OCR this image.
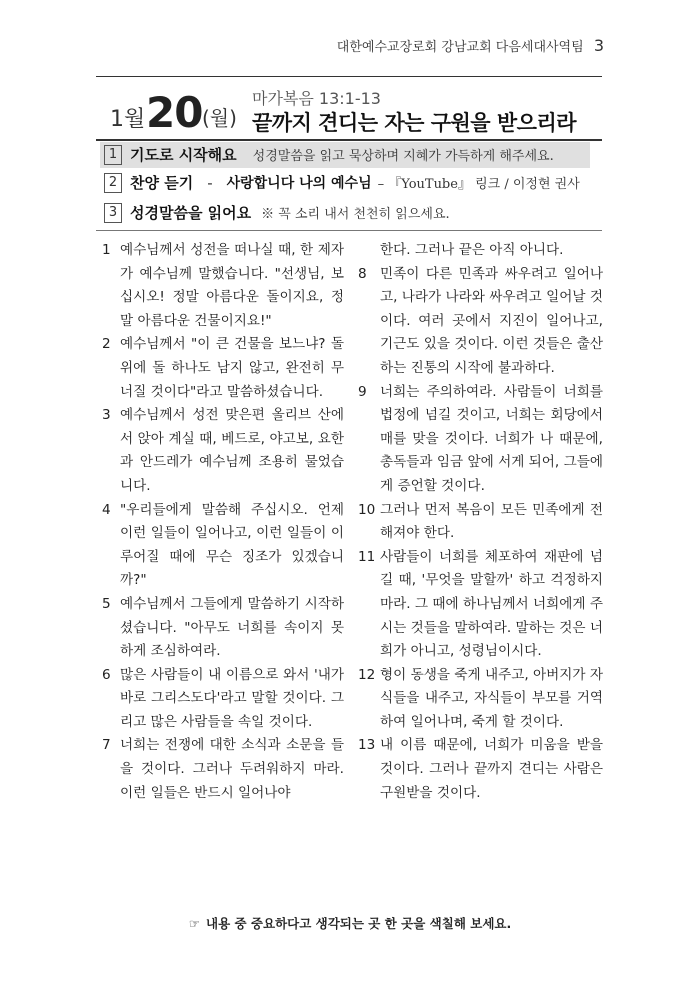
대한예수교장로회 강남교회 다음세대사역팀 3
1월 20 (월)
마가복음 13:1-13
끝까지 견디는 자는 구원을 받으리라
1 기도로 시작해요 성경말씀을 읽고 묵상하며 지혜가 가득하게 해주세요.
2 찬양 듣기 - 사랑합니다 나의 예수님 – 『YouTube』 링크 / 이정현 권사
3 성경말씀을 읽어요 ※ 꼭 소리 내서 천천히 읽으세요.
1 예수님께서 성전을 떠나실 때, 한 제자가 예수님께 말했습니다. "선생님, 보십시오! 정말 아름다운 돌이지요, 정말 아름다운 건물이지요!"
2 예수님께서 "이 큰 건물을 보느냐? 돌 위에 돌 하나도 남지 않고, 완전히 무너질 것이다"라고 말씀하셨습니다.
3 예수님께서 성전 맞은편 올리브 산에서 앉아 계실 때, 베드로, 야고보, 요한과 안드레가 예수님께 조용히 물었습니다.
4 "우리들에게 말씀해 주십시오. 언제 이런 일들이 일어나고, 이런 일들이 이루어질 때에 무슨 징조가 있겠습니까?"
5 예수님께서 그들에게 말씀하기 시작하셨습니다. "아무도 너희를 속이지 못하게 조심하여라.
6 많은 사람들이 내 이름으로 와서 '내가 바로 그리스도다'라고 말할 것이다. 그리고 많은 사람들을 속일 것이다.
7 너희는 전쟁에 대한 소식과 소문을 들을 것이다. 그러나 두려워하지 마라. 이런 일들은 반드시 일어나야
한다. 그러나 끝은 아직 아니다.
8 민족이 다른 민족과 싸우려고 일어나고, 나라가 나라와 싸우려고 일어날 것이다. 여러 곳에서 지진이 일어나고, 기근도 있을 것이다. 이런 것들은 출산하는 진통의 시작에 불과하다.
9 너희는 주의하여라. 사람들이 너희를 법정에 넘길 것이고, 너희는 회당에서 매를 맞을 것이다. 너희가 나 때문에, 총독들과 임금 앞에 서게 되어, 그들에게 증언할 것이다.
10 그러나 먼저 복음이 모든 민족에게 전해져야 한다.
11 사람들이 너희를 체포하여 재판에 넘길 때, '무엇을 말할까' 하고 걱정하지 마라. 그 때에 하나님께서 너희에게 주시는 것들을 말하여라. 말하는 것은 너희가 아니고, 성령님이시다.
12 형이 동생을 죽게 내주고, 아버지가 자식들을 내주고, 자식들이 부모를 거역하여 일어나며, 죽게 할 것이다.
13 내 이름 때문에, 너희가 미움을 받을 것이다. 그러나 끝까지 견디는 사람은 구원받을 것이다.
☞ 내용 중 중요하다고 생각되는 곳 한 곳을 색칠해 보세요.
